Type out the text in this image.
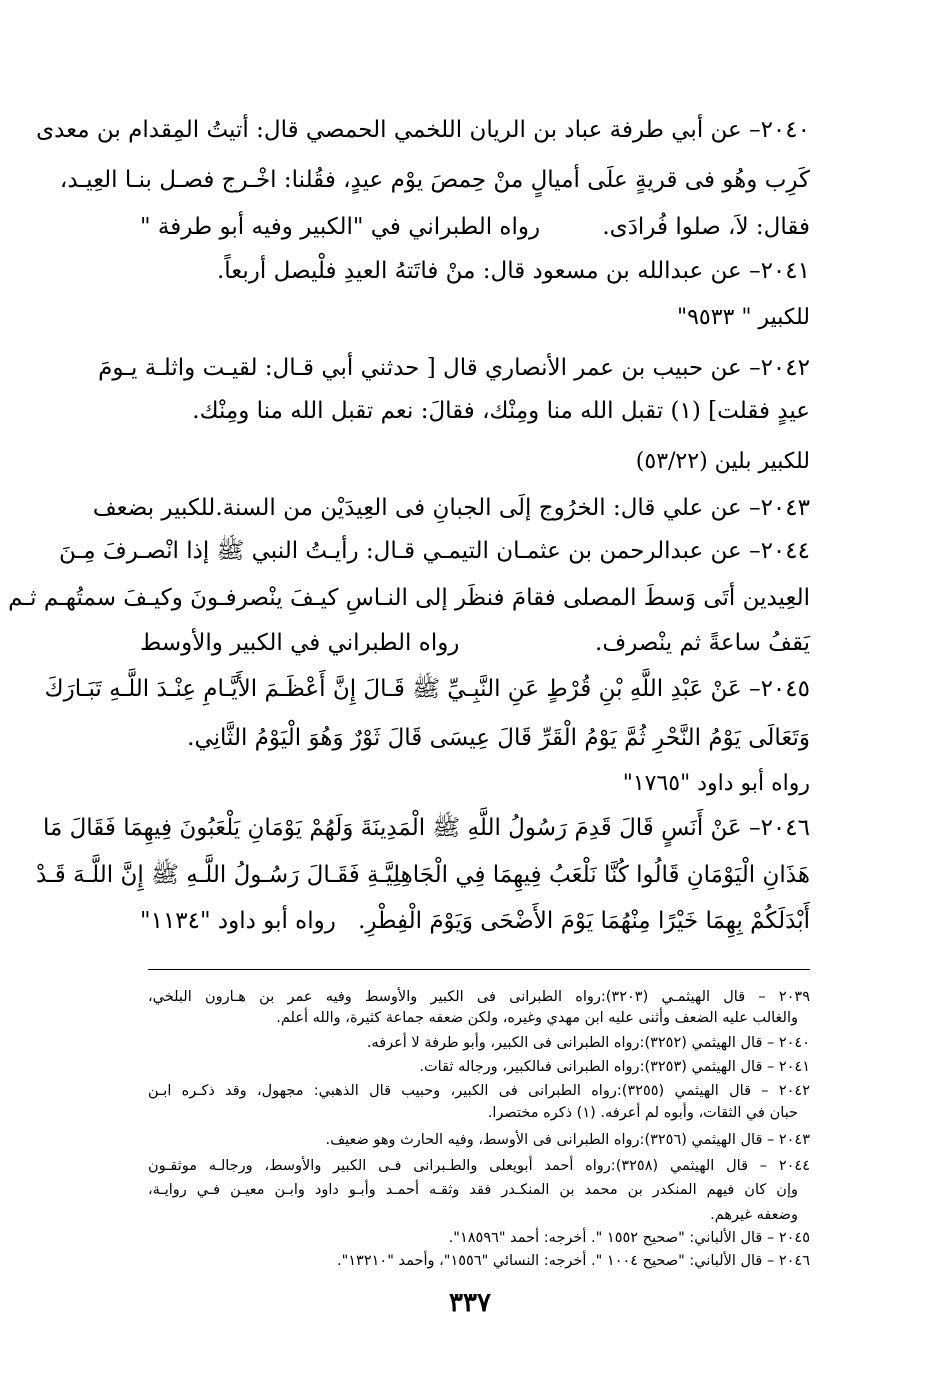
٢٠٤٠– عن أبي طرفة عباد بن الريان اللخمي الحمصي قال: أتيتُ المِقدام بن معدى
كَرِب وهُو فى قريةٍ علَى أميالٍ منْ حِمصَ يوْم عيدٍ، فقُلنا: اخْـرج فصـل بنـا العِيـد،
فقال: لاَ، صلوا فُرادَى.
رواه الطبراني في "الكبير وفيه أبو طرفة "
٢٠٤١– عن عبدالله بن مسعود قال: منْ فاتَتهُ العيدِ فلْيصل أربعاً.
للكبير " ٩٥٣٣"
٢٠٤٢– عن حبيب بن عمر الأنصاري قال [ حدثني أبي قـال: لقيـت واثلـة يـومَ
عيدٍ فقلت] (١) تقبل الله منا ومِنْك، فقالَ: نعم تقبل الله منا ومِنْك.
للكبير بلين (٥٣/٢٢)
٢٠٤٣– عن علي قال: الخرُوج إلَى الجبانِ فى العِيدَيْن من السنة.
للكبير بضعف
٢٠٤٤– عن عبدالرحمن بن عثمـان التيمـي قـال: رأيـتُ النبي ﷺ إذا انْصـرفَ مِـنَ
العِيدين أتَى وَسطَ المصلى فقامَ فنظَر إلى النـاسِ كيـفَ ينْصرفـونَ وكيـفَ سمتُهـم ثـم
يَقفُ ساعةً ثم ينْصرف.
رواه الطبراني في الكبير والأوسط
٢٠٤٥– عَنْ عَبْدِ اللَّهِ بْنِ قُرْطٍ عَنِ النَّبِـيِّ ﷺ قَـالَ إِنَّ أَعْظَـمَ الأَيَّـامِ عِنْـدَ اللَّـهِ تَبَـارَكَ
وَتَعَالَى يَوْمُ النَّحْرِ ثُمَّ يَوْمُ الْقَرِّ قَالَ عِيسَى قَالَ ثَوْرٌ وَهُوَ الْيَوْمُ الثَّانِي.
رواه أبو داود "١٧٦٥"
٢٠٤٦– عَنْ أَنَسٍ قَالَ قَدِمَ رَسُولُ اللَّهِ ﷺ الْمَدِينَةَ وَلَهُمْ يَوْمَانِ يَلْعَبُونَ فِيهِمَا فَقَالَ مَا
هَذَانِ الْيَوْمَانِ قَالُوا كُنَّا نَلْعَبُ فِيهِمَا فِي الْجَاهِلِيَّـةِ فَقَـالَ رَسُـولُ اللَّـهِ ﷺ إِنَّ اللَّـهَ قَـدْ
أَبْدَلَكُمْ بِهِمَا خَيْرًا مِنْهُمَا يَوْمَ الأَضْحَى وَيَوْمَ الْفِطْرِ.
رواه أبو داود "١١٣٤"
٢٠٣٩ – قال الهيثمـي (٣٢٠٣):رواه الطبرانى فى الكبير والأوسط وفيه عمر بن هـارون البلخي،
والغالب عليه الضعف وأثنى عليه ابن مهدي وغيره، ولكن ضعفه جماعة كثيرة، والله أعلم.
٢٠٤٠ – قال الهيثمي (٣٢٥٢):رواه الطبرانى فى الكبير، وأبو طرفة لا أعرفه.
٢٠٤١ – قال الهيثمي (٣٢٥٣):رواه الطبرانى فىالكبير، ورجاله ثقات.
٢٠٤٢ – قال الهيثمي (٣٢٥٥):رواه الطبرانى فى الكبير، وحبيب قال الذهبي: مجهول، وقد ذكـره ابـن
حبان في الثقات، وأبوه لم أعرفه. (١) ذكره مختصرا.
٢٠٤٣ – قال الهيثمي (٣٢٥٦):رواه الطبرانى فى الأوسط، وفيه الحارث وهو ضعيف.
٢٠٤٤ – قال الهيثمي (٣٢٥٨):رواه أحمد أبويعلى والطـبرانى فـى الكبير والأوسط، ورجالـه موثقـون
وإن كان فيهم المنكدر بن محمد بن المنكـدر فقد وثقـه أحمـد وأبـو داود وابـن معيـن فـي روايـة،
وضعفه غيرهم.
٢٠٤٥ – قال الألباني: "صحيح ١٥٥٢ ". أخرجه: أحمد "١٨٥٩٦".
٢٠٤٦ – قال الألباني: "صحيح ١٠٠٤ ". أخرجه: النسائي "١٥٥٦"، وأحمد "١٣٢١٠".
٣٣٧
